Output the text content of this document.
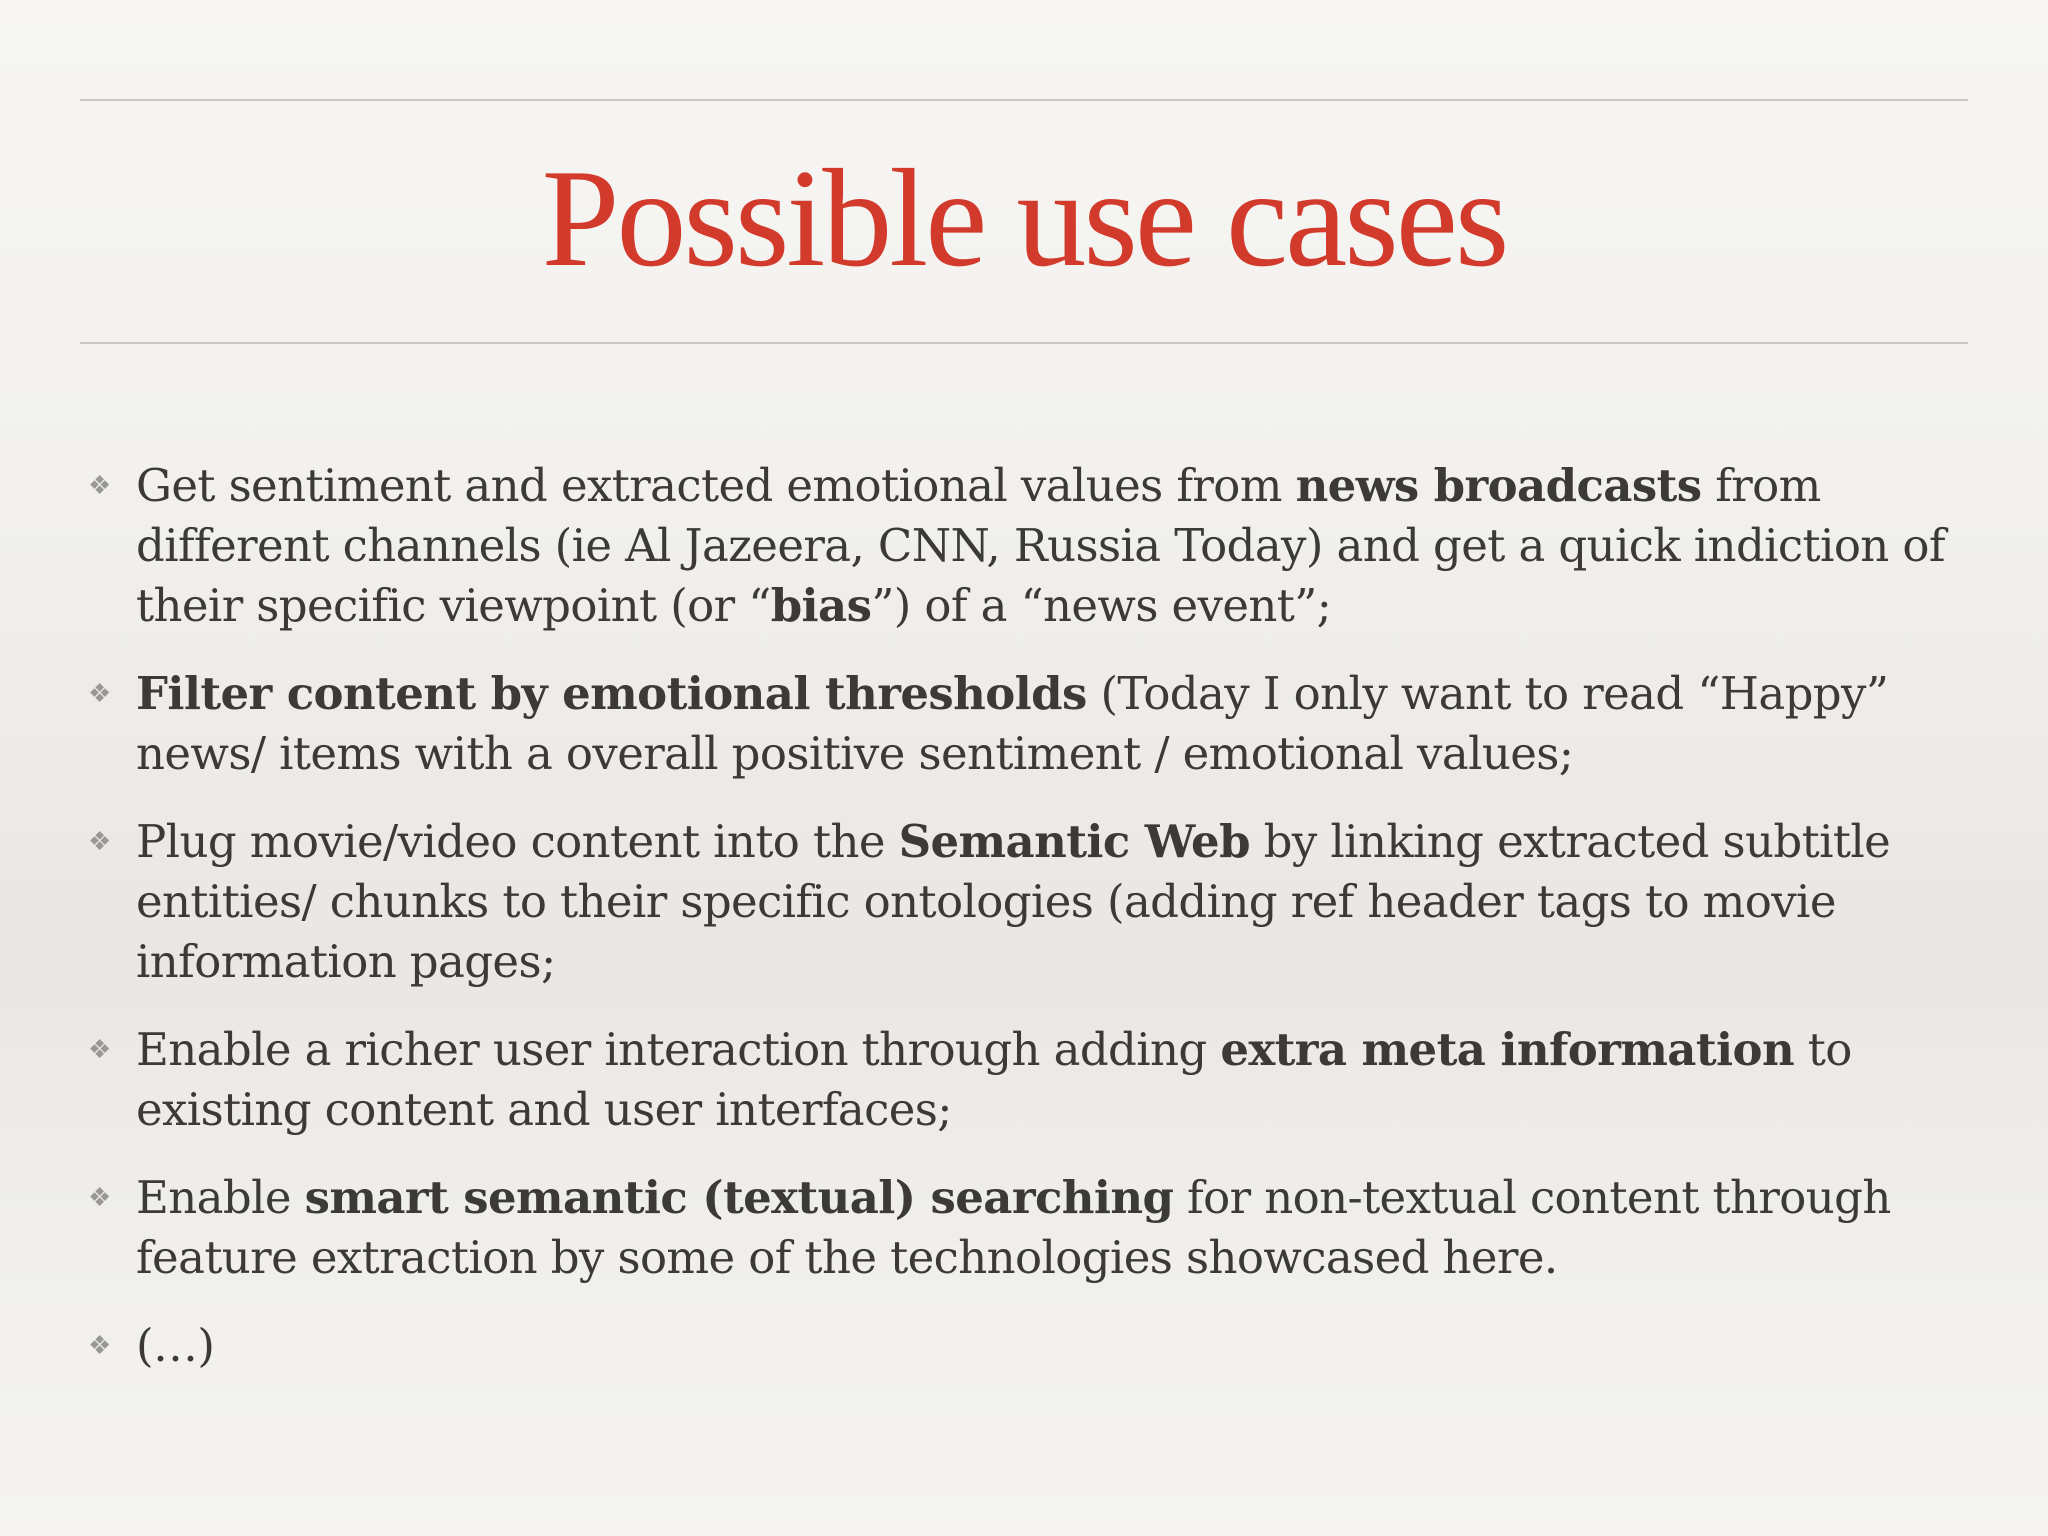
Possible use cases
❖ Get sentiment and extracted emotional values from news broadcasts from different channels (ie Al Jazeera, CNN, Russia Today) and get a quick indiction of their specific viewpoint (or “bias”) of a “news event”;
❖ Filter content by emotional thresholds (Today I only want to read “Happy” news/ items with a overall positive sentiment / emotional values;
❖ Plug movie/video content into the Semantic Web by linking extracted subtitle entities/ chunks to their specific ontologies (adding ref header tags to movie information pages;
❖ Enable a richer user interaction through adding extra meta information to existing content and user interfaces;
❖ Enable smart semantic (textual) searching for non-textual content through feature extraction by some of the technologies showcased here.
❖ (…)
